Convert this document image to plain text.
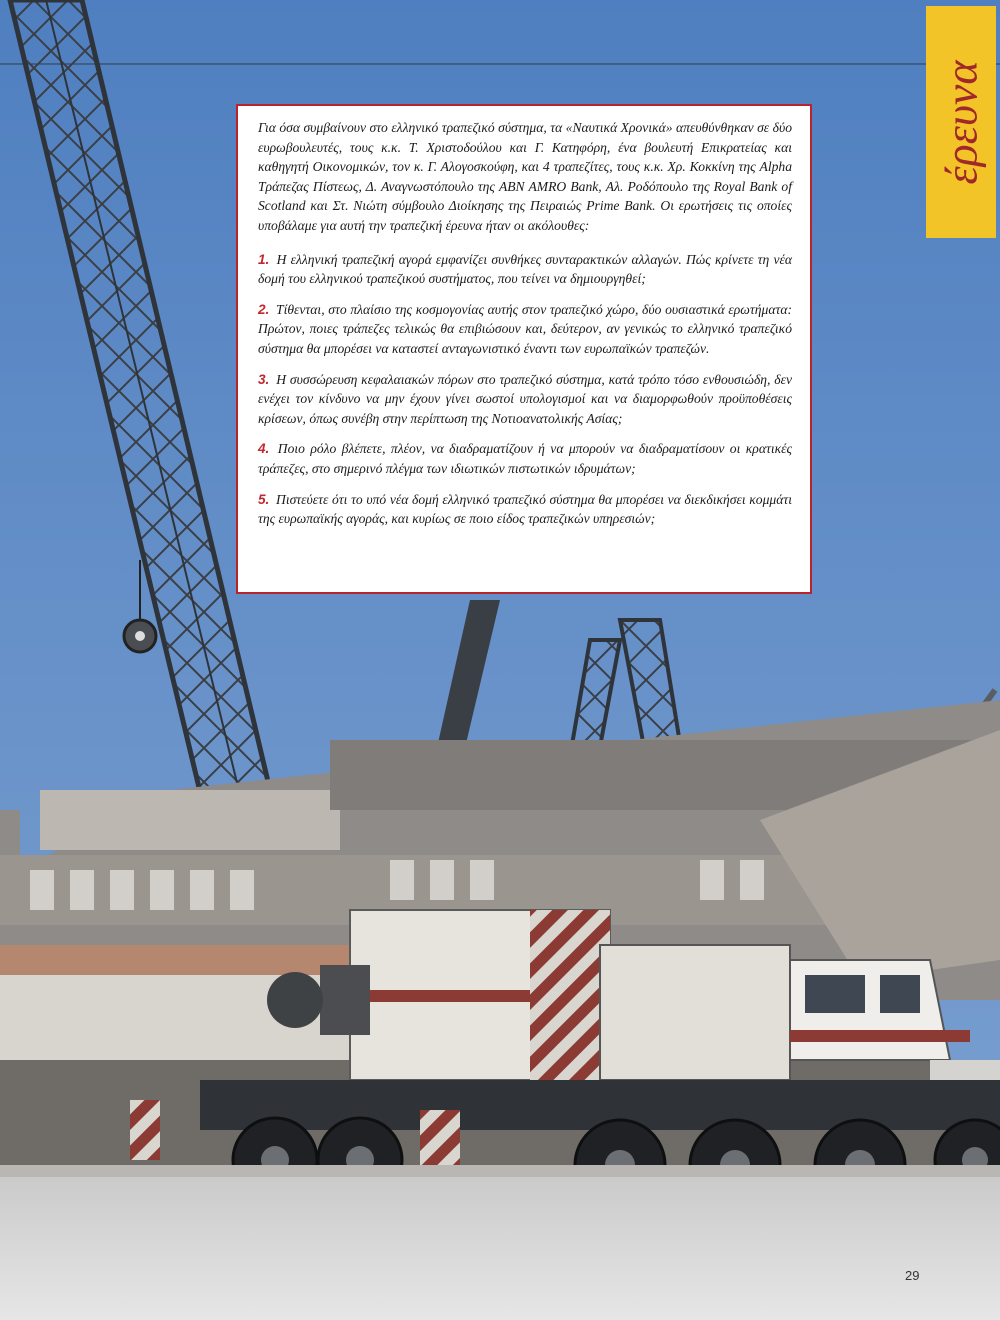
έρευνα

Για όσα συμβαίνουν στο ελληνικό τραπεζικό σύστημα, τα «Ναυτικά Χρονικά» απευθύνθηκαν σε δύο ευρωβουλευτές, τους κ.κ. Τ. Χριστοδούλου και Γ. Κατηφόρη, ένα βουλευτή Επικρατείας και καθηγητή Οικονομικών, τον κ. Γ. Αλογοσκούφη, και 4 τραπεζίτες, τους κ.κ. Χρ. Κοκκίνη της Alpha Τράπεζας Πίστεως, Δ. Αναγνωστόπουλο της ABN AMRO Bank, Αλ. Ροδόπουλο της Royal Bank of Scotland και Στ. Νιώτη σύμβουλο Διοίκησης της Πειραιώς Prime Bank. Οι ερωτήσεις τις οποίες υποβάλαμε για αυτή την τραπεζική έρευνα ήταν οι ακόλουθες:

1. Η ελληνική τραπεζική αγορά εμφανίζει συνθήκες συνταρακτικών αλλαγών. Πώς κρίνετε τη νέα δομή του ελληνικού τραπεζικού συστήματος, που τείνει να δημιουργηθεί;

2. Τίθενται, στο πλαίσιο της κοσμογονίας αυτής στον τραπεζικό χώρο, δύο ουσιαστικά ερωτήματα: Πρώτον, ποιες τράπεζες τελικώς θα επιβιώσουν και, δεύτερον, αν γενικώς το ελληνικό τραπεζικό σύστημα θα μπορέσει να καταστεί ανταγωνιστικό έναντι των ευρωπαϊκών τραπεζών.

3. Η συσσώρευση κεφαλαιακών πόρων στο τραπεζικό σύστημα, κατά τρόπο τόσο ενθουσιώδη, δεν ενέχει τον κίνδυνο να μην έχουν γίνει σωστοί υπολογισμοί και να διαμορφωθούν προϋποθέσεις κρίσεων, όπως συνέβη στην περίπτωση της Νοτιοανατολικής Ασίας;

4. Ποιο ρόλο βλέπετε, πλέον, να διαδραματίζουν ή να μπορούν να διαδραματίσουν οι κρατικές τράπεζες, στο σημερινό πλέγμα των ιδιωτικών πιστωτικών ιδρυμάτων;

5. Πιστεύετε ότι το υπό νέα δομή ελληνικό τραπεζικό σύστημα θα μπορέσει να διεκδικήσει κομμάτι της ευρωπαϊκής αγοράς, και κυρίως σε ποιο είδος τραπεζικών υπηρεσιών;

29
